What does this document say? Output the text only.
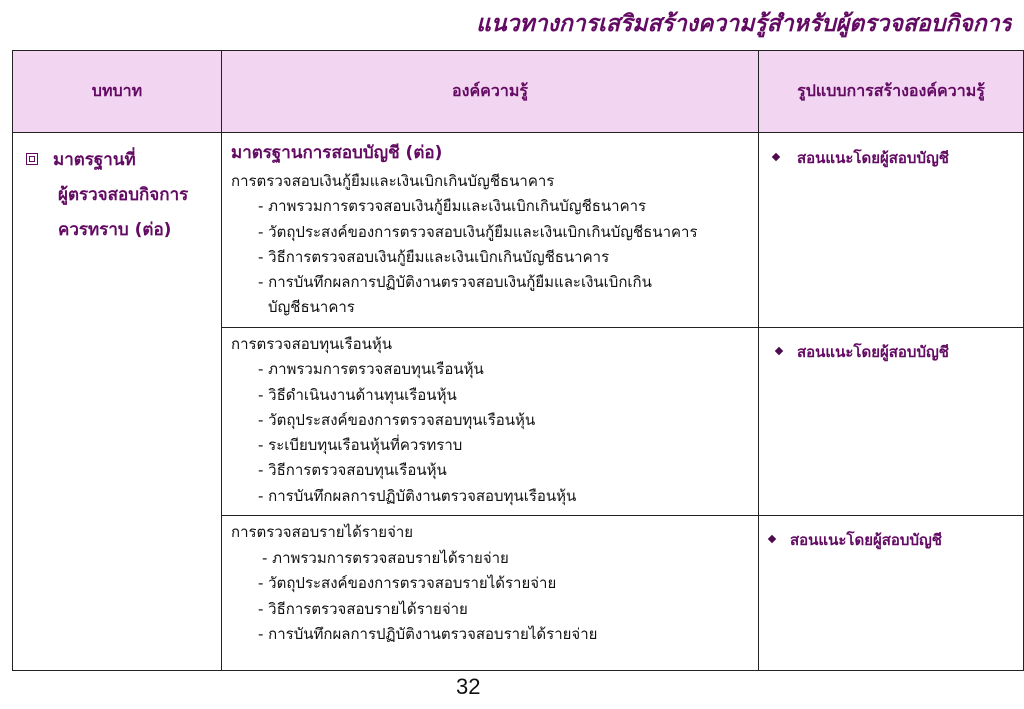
แนวทางการเสริมสร้างความรู้สำหรับผู้ตรวจสอบกิจการ
บทบาท	องค์ความรู้	รูปแบบการสร้างองค์ความรู้
มาตรฐานที่
ผู้ตรวจสอบกิจการ
ควรทราบ (ต่อ)
มาตรฐานการสอบบัญชี (ต่อ)
การตรวจสอบเงินกู้ยืมและเงินเบิกเกินบัญชีธนาคาร
- ภาพรวมการตรวจสอบเงินกู้ยืมและเงินเบิกเกินบัญชีธนาคาร
- วัตถุประสงค์ของการตรวจสอบเงินกู้ยืมและเงินเบิกเกินบัญชีธนาคาร
- วิธีการตรวจสอบเงินกู้ยืมและเงินเบิกเกินบัญชีธนาคาร
- การบันทึกผลการปฏิบัติงานตรวจสอบเงินกู้ยืมและเงินเบิกเกิน
บัญชีธนาคาร
สอนแนะโดยผู้สอบบัญชี
การตรวจสอบทุนเรือนหุ้น
- ภาพรวมการตรวจสอบทุนเรือนหุ้น
- วิธีดำเนินงานด้านทุนเรือนหุ้น
- วัตถุประสงค์ของการตรวจสอบทุนเรือนหุ้น
- ระเบียบทุนเรือนหุ้นที่ควรทราบ
- วิธีการตรวจสอบทุนเรือนหุ้น
- การบันทึกผลการปฏิบัติงานตรวจสอบทุนเรือนหุ้น
สอนแนะโดยผู้สอบบัญชี
การตรวจสอบรายได้รายจ่าย
- ภาพรวมการตรวจสอบรายได้รายจ่าย
- วัตถุประสงค์ของการตรวจสอบรายได้รายจ่าย
- วิธีการตรวจสอบรายได้รายจ่าย
- การบันทึกผลการปฏิบัติงานตรวจสอบรายได้รายจ่าย
สอนแนะโดยผู้สอบบัญชี
32
